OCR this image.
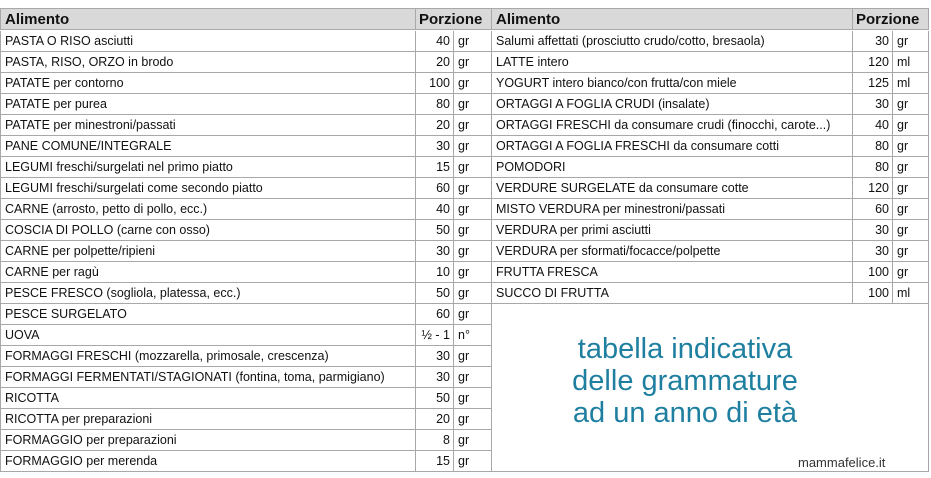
Alimento	Porzione Alimento	Porzione
PASTA O RISO asciutti	40 gr
PASTA, RISO, ORZO in brodo	20 gr
PATATE per contorno	100 gr
PATATE per purea	80 gr
PATATE per minestroni/passati	20 gr
PANE COMUNE/INTEGRALE	30 gr
LEGUMI freschi/surgelati nel primo piatto	15 gr
LEGUMI freschi/surgelati come secondo piatto	60 gr
CARNE (arrosto, petto di pollo, ecc.)	40 gr
COSCIA DI POLLO (carne con osso)	50 gr
CARNE per polpette/ripieni	30 gr
CARNE per ragù	10 gr
PESCE FRESCO (sogliola, platessa, ecc.)	50 gr
PESCE SURGELATO	60 gr
UOVA	½ - 1 n°
FORMAGGI FRESCHI (mozzarella, primosale, crescenza)	30 gr
FORMAGGI FERMENTATI/STAGIONATI (fontina, toma, parmigiano)	30 gr
RICOTTA	50 gr
RICOTTA per preparazioni	20 gr
FORMAGGIO per preparazioni	8 gr
FORMAGGIO per merenda	15 gr
Salumi affettati (prosciutto crudo/cotto, bresaola)	30 gr
LATTE intero	120 ml
YOGURT intero bianco/con frutta/con miele	125 ml
ORTAGGI A FOGLIA CRUDI (insalate)	30 gr
ORTAGGI FRESCHI da consumare crudi (finocchi, carote...)	40 gr
ORTAGGI A FOGLIA FRESCHI da consumare cotti	80 gr
POMODORI	80 gr
VERDURE SURGELATE da consumare cotte	120 gr
MISTO VERDURA per minestroni/passati	60 gr
VERDURA per primi asciutti	30 gr
VERDURA per sformati/focacce/polpette	30 gr
FRUTTA FRESCA	100 gr
SUCCO DI FRUTTA	100 ml
tabella indicativa
delle grammature
ad un anno di età
mammafelice.it
